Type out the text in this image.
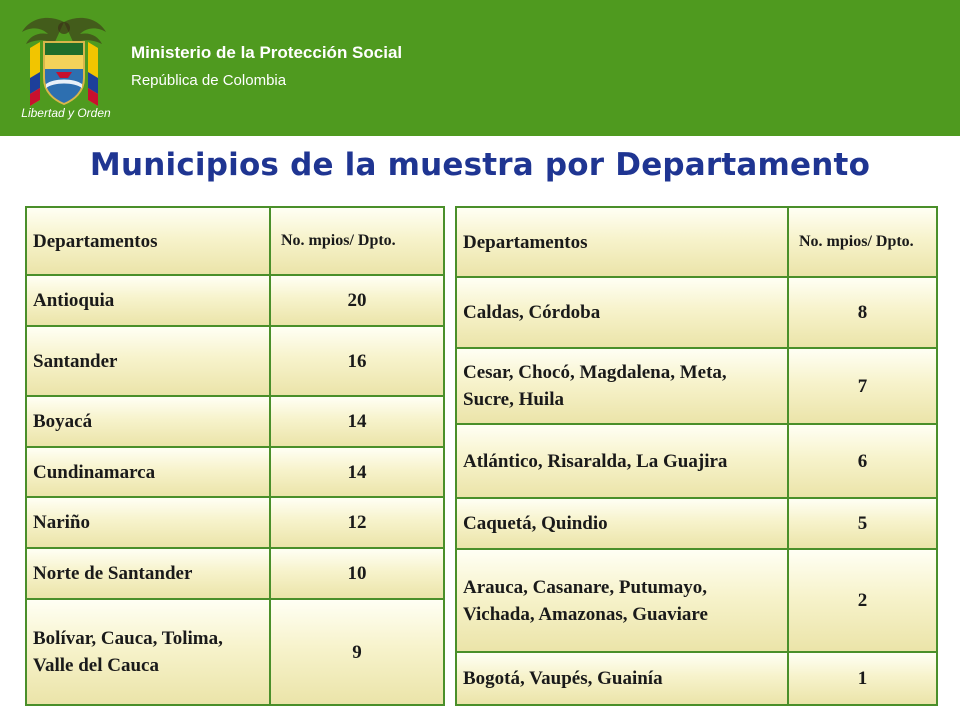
Libertad y Orden
Ministerio de la Protección Social
República de Colombia
Municipios de la muestra por Departamento
Departamentos	No. mpios/ Dpto.
Antioquia	20
Santander	16
Boyacá	14
Cundinamarca	14
Nariño	12
Norte de Santander	10
Bolívar, Cauca, Tolima, Valle del Cauca	9
Departamentos	No. mpios/ Dpto.
Caldas, Córdoba	8
Cesar, Chocó, Magdalena, Meta, Sucre, Huila	7
Atlántico, Risaralda, La Guajira	6
Caquetá, Quindio	5
Arauca, Casanare, Putumayo, Vichada, Amazonas, Guaviare	2
Bogotá, Vaupés, Guainía	1
